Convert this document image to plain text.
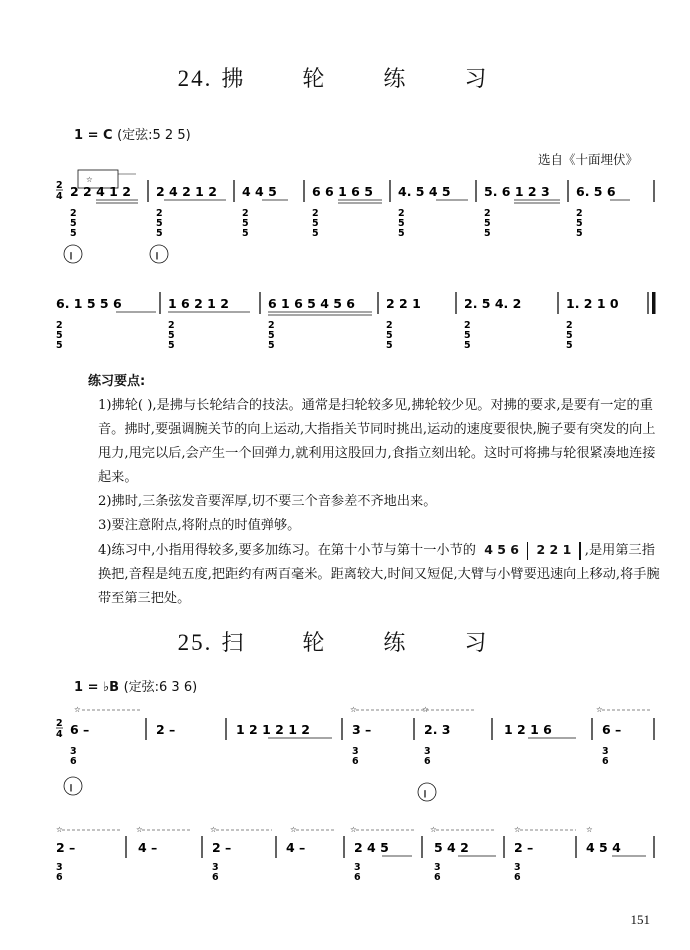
24. 拂 轮 练 习
1 = C (定弦:5 2 5)
选自《十面埋伏》
☆
2
4 2 2 4 1 2 2 4 2 1 2 4 4 5	6 6 1 6 5 4. 5 4 5	5. 6 1 2 3 6. 5 6
2
5
5
2
5
5
2
5
5
2
5
5
2
5
5
2
5
5
2
5
5
∥	∥
6. 1 5 5 6	1 6 2 1 2	6 1 6 5 4 5 6 2 2 1	2. 5 4. 2	1. 2 1 0
2
5
5
2
5
5
2
5
5
2
5
5
2
5
5
2
5
5

练习要点:

1)拂轮( ),是拂与长轮结合的技法。通常是扫轮较多见,拂轮较少见。对拂的要求,是要有一定的重音。拂时,要强调腕关节的向上运动,大指指关节同时挑出,运动的速度要很快,腕子要有突发的向上甩力,甩完以后,会产生一个回弹力,就利用这股回力,食指立刻出轮。这时可将拂与轮很紧凑地连接起来。

2)拂时,三条弦发音要浑厚,切不要三个音参差不齐地出来。

3)要注意附点,将附点的时值弹够。

4)练习中,小指用得较多,要多加练习。在第十小节与第十一小节的 4 5 6 2 2 1 ,是用第三指换把,音程是纯五度,把距约有两百毫米。距离较大,时间又短促,大臂与小臂要迅速向上移动,将手腕带至第三把处。

25. 扫 轮 练 习
1 = ♭B (定弦:6 3 6)
☆	☆	☆	☆
2
4 6 –	2 –	1 2 1 2 1 2	3 –	2. 3	1 2 1 6	6 –
3
6
3
6
3
6
3
6
∥
∥
☆	☆	☆	☆	☆	☆	☆	☆
2 –	4 –	2 –	4 –	2 4 5	5 4 2	2 –	4 5 4
3
6
3
6
3
6
3
6
3
6
151
